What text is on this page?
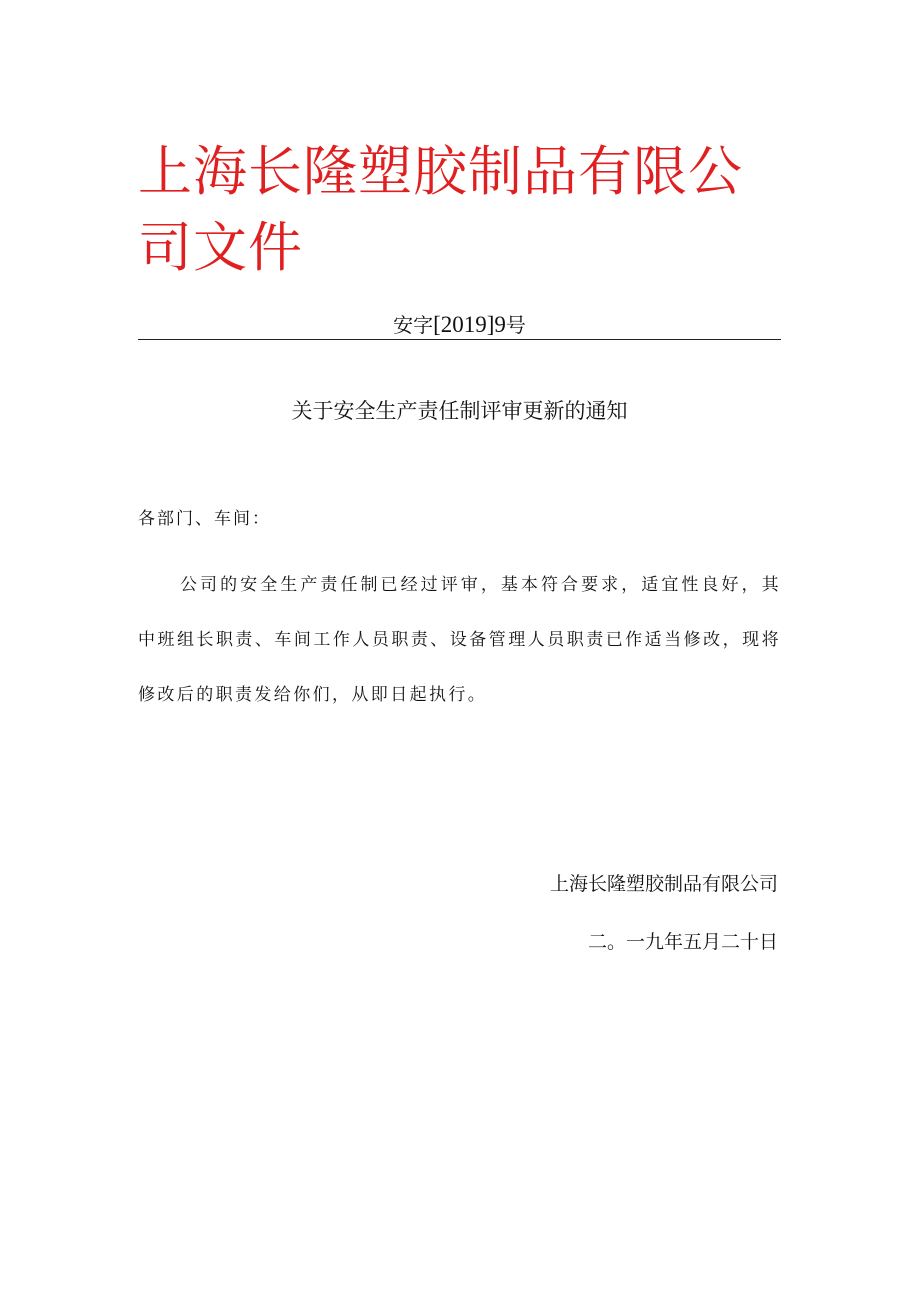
上海长隆塑胶制品有限公
司文件
安字[2019]9号
关于安全生产责任制评审更新的通知
各部门、车间：

公司的安全生产责任制已经过评审，基本符合要求，适宜性良好，其中班组长职责、车间工作人员职责、设备管理人员职责已作适当修改，现将修改后的职责发给你们，从即日起执行。

上海长隆塑胶制品有限公司
二。一九年五月二十日
